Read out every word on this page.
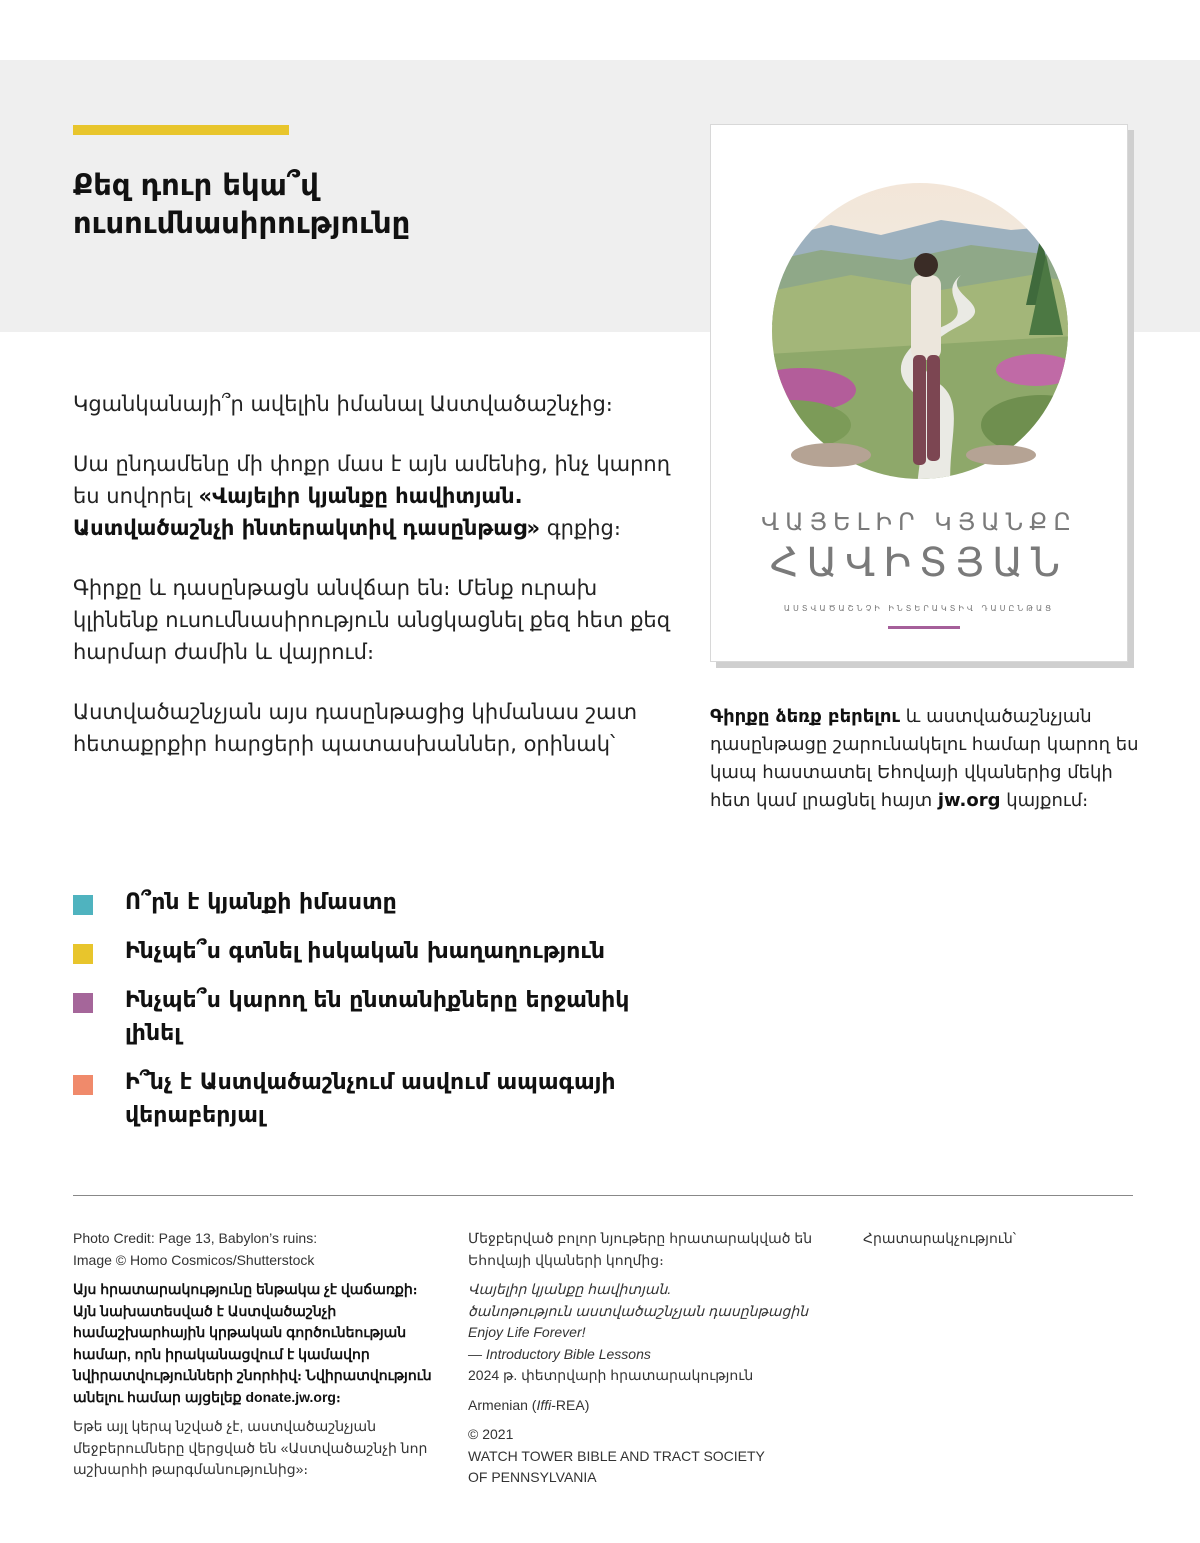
Քեզ դուր եկա՞վ
ուսումնասիրությունը

Կցանկանայի՞ր ավելին իմանալ Աստվածաշնչից։

Սա ընդամենը մի փոքր մաս է այն ամենից, ինչ կարող ես սովորել «Վայելիր կյանքը հավիտյան. Աստվածաշնչի ինտերակտիվ դասընթաց» գրքից։

Գիրքը և դասընթացն անվճար են։ Մենք ուրախ կլինենք ուսումնասիրություն անցկացնել քեզ հետ քեզ հարմար ժամին և վայրում։

Աստվածաշնչյան այս դասընթացից կիմանաս շատ հետաքրքիր հարցերի պատասխաններ, օրինակ՝

Ո՞րն է կյանքի իմաստը
Ինչպե՞ս գտնել իսկական խաղաղություն
Ինչպե՞ս կարող են ընտանիքները երջանիկ լինել
Ի՞նչ է Աստվածաշնչում ասվում ապագայի վերաբերյալ
ՎԱՅԵԼԻՐ ԿՅԱՆՔԸ
ՀԱՎԻՏՅԱՆ
ԱՍՏՎԱԾԱՇՆՉԻ ԻՆՏԵՐԱԿՏԻՎ ԴԱՍԸՆԹԱՑ
Գիրքը ձեռք բերելու և աստվածաշնչյան դասընթացը շարունակելու համար կարող ես կապ հաստատել Եհովայի վկաներից մեկի հետ կամ լրացնել հայտ jw.org կայքում։

Photo Credit: Page 13, Babylon’s ruins:
Image © Homo Cosmicos/Shutterstock

Այս հրատարակությունը ենթակա չէ վաճառքի։ Այն նախատեսված է Աստվածաշնչի համաշխարհային կրթական գործունեության համար, որն իրականացվում է կամավոր նվիրատվությունների շնորհիվ։ Նվիրատվություն անելու համար այցելեք donate.jw.org։

Եթե այլ կերպ նշված չէ, աստվածաշնչյան մեջբերումները վերցված են «Աստվածաշնչի նոր աշխարհի թարգմանությունից»։

Մեջբերված բոլոր նյութերը հրատարակված են Եհովայի վկաների կողմից։

Վայելիր կյանքը հավիտյան.
ծանոթություն աստվածաշնչյան դասընթացին
Enjoy Life Forever!
— Introductory Bible Lessons
2024 թ. փետրվարի հրատարակություն

Armenian (Iffi-REA)

© 2021
WATCH TOWER BIBLE AND TRACT SOCIETY
OF PENNSYLVANIA

Հրատարակչություն՝
